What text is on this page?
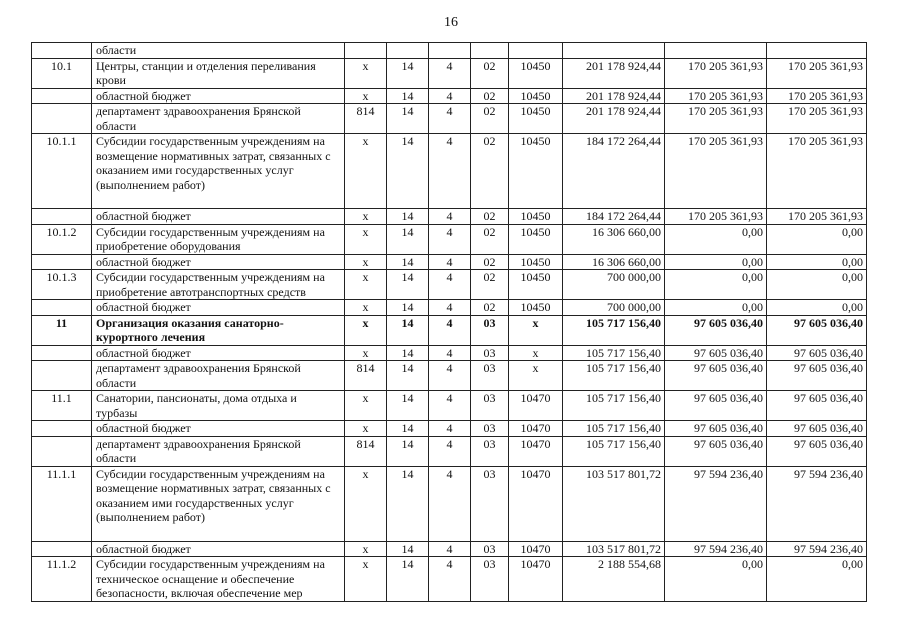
16
	области								
10.1	Центры, станции и отделения переливания крови	х	14	4	02	10450	201 178 924,44	170 205 361,93	170 205 361,93
	областной бюджет	х	14	4	02	10450	201 178 924,44	170 205 361,93	170 205 361,93
	департамент здравоохранения Брянской области	814	14	4	02	10450	201 178 924,44	170 205 361,93	170 205 361,93
10.1.1	Субсидии государственным учреждениям на возмещение нормативных затрат, связанных с оказанием ими государственных услуг (выполнением работ)	х	14	4	02	10450	184 172 264,44	170 205 361,93	170 205 361,93
	областной бюджет	х	14	4	02	10450	184 172 264,44	170 205 361,93	170 205 361,93
10.1.2	Субсидии государственным учреждениям на приобретение оборудования	х	14	4	02	10450	16 306 660,00	0,00	0,00
	областной бюджет	х	14	4	02	10450	16 306 660,00	0,00	0,00
10.1.3	Субсидии государственным учреждениям на приобретение автотранспортных средств	х	14	4	02	10450	700 000,00	0,00	0,00
	областной бюджет	х	14	4	02	10450	700 000,00	0,00	0,00
11	Организация оказания санаторно-курортного лечения	х	14	4	03	х	105 717 156,40	97 605 036,40	97 605 036,40
	областной бюджет	х	14	4	03	х	105 717 156,40	97 605 036,40	97 605 036,40
	департамент здравоохранения Брянской области	814	14	4	03	х	105 717 156,40	97 605 036,40	97 605 036,40
11.1	Санатории, пансионаты, дома отдыха и турбазы	х	14	4	03	10470	105 717 156,40	97 605 036,40	97 605 036,40
	областной бюджет	х	14	4	03	10470	105 717 156,40	97 605 036,40	97 605 036,40
	департамент здравоохранения Брянской области	814	14	4	03	10470	105 717 156,40	97 605 036,40	97 605 036,40
11.1.1	Субсидии государственным учреждениям на возмещение нормативных затрат, связанных с оказанием ими государственных услуг (выполнением работ)	х	14	4	03	10470	103 517 801,72	97 594 236,40	97 594 236,40
	областной бюджет	х	14	4	03	10470	103 517 801,72	97 594 236,40	97 594 236,40
11.1.2	Субсидии государственным учреждениям на техническое оснащение и обеспечение безопасности, включая обеспечение мер	х	14	4	03	10470	2 188 554,68	0,00	0,00
